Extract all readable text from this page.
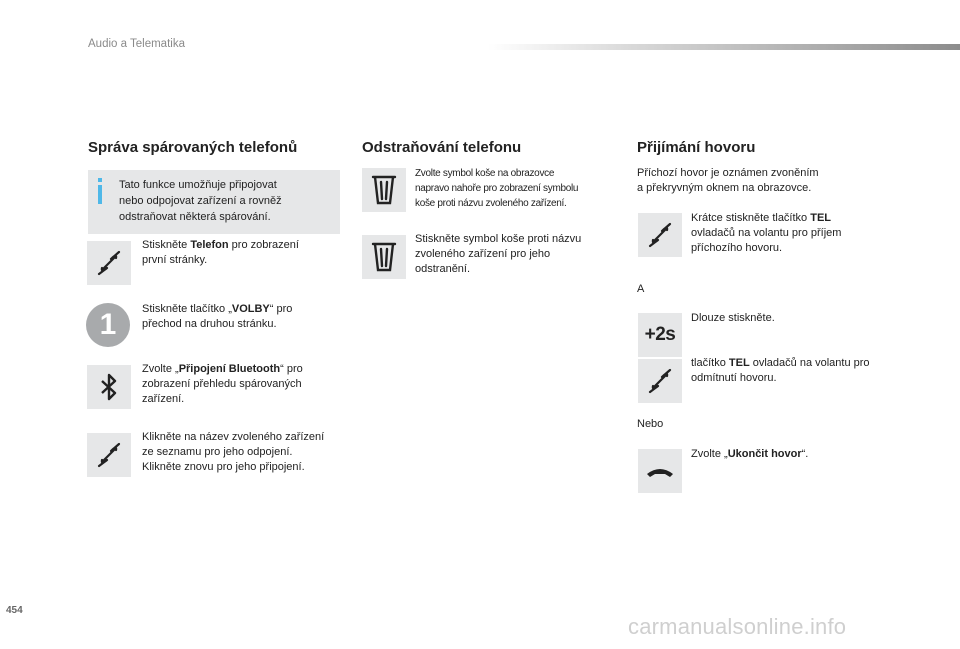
Audio a Telematika
Správa spárovaných telefonů
Tato funkce umožňuje připojovat
nebo odpojovat zařízení a rovněž
odstraňovat některá spárování.
Stiskněte Telefon pro zobrazení
první stránky.
1 Stiskněte tlačítko „VOLBY“ pro
přechod na druhou stránku.
Zvolte „Připojení Bluetooth“ pro
zobrazení přehledu spárovaných
zařízení.
Klikněte na název zvoleného zařízení
ze seznamu pro jeho odpojení.
Klikněte znovu pro jeho připojení.
Odstraňování telefonu
Zvolte symbol koše na obrazovce
napravo nahoře pro zobrazení symbolu
koše proti názvu zvoleného zařízení.
Stiskněte symbol koše proti názvu
zvoleného zařízení pro jeho
odstranění.
Přijímání hovoru
Příchozí hovor je oznámen zvoněním
a překryvným oknem na obrazovce.
Krátce stiskněte tlačítko TEL
ovladačů na volantu pro příjem
příchozího hovoru.
A
+2s
Dlouze stiskněte.
tlačítko TEL ovladačů na volantu pro
odmítnutí hovoru.
Nebo
Zvolte „Ukončit hovor“.
454
carmanualsonline.info
